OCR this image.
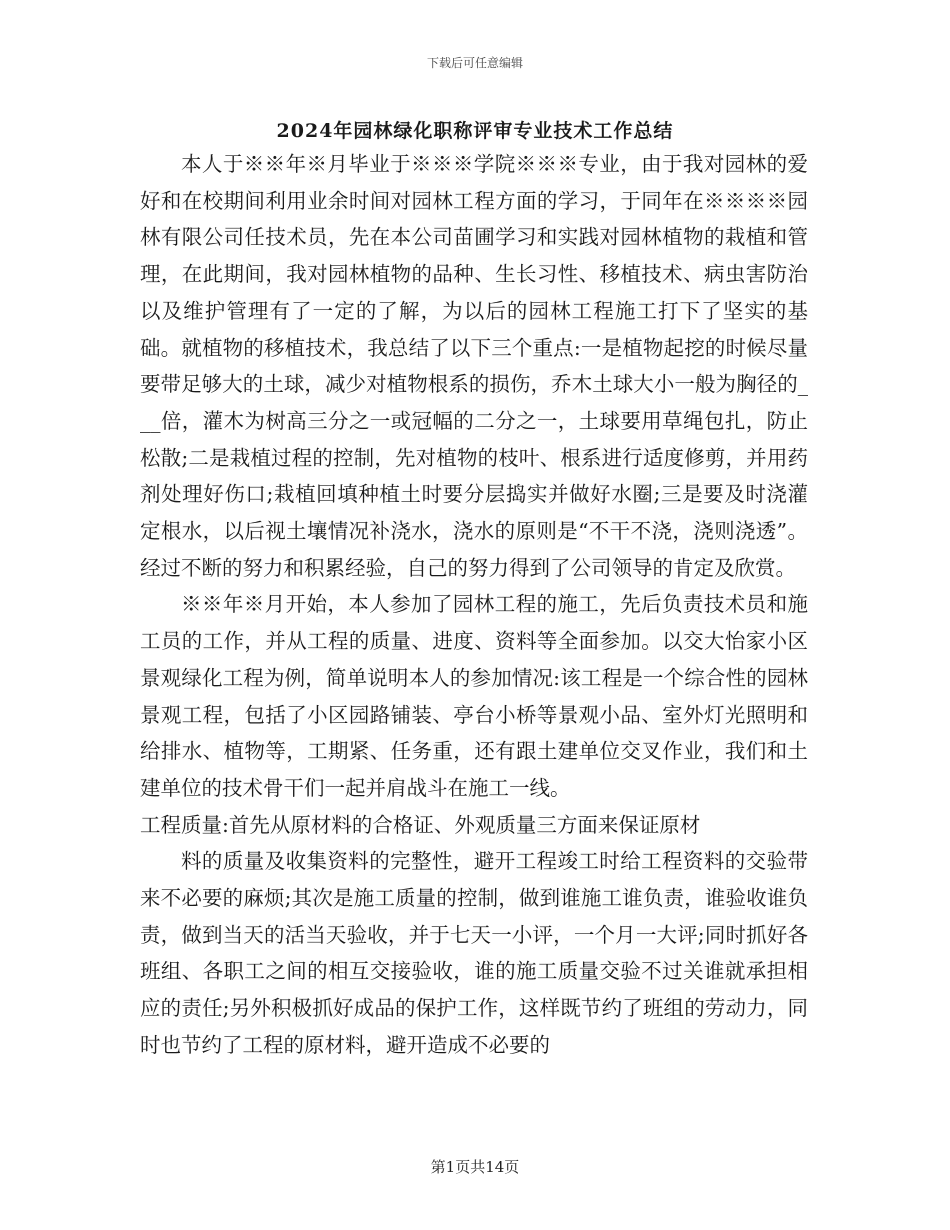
下载后可任意编辑
2024年园林绿化职称评审专业技术工作总结

本人于※※年※月毕业于※※※学院※※※专业，由于我对园林的爱好和在校期间利用业余时间对园林工程方面的学习，于同年在※※※※园林有限公司任技术员，先在本公司苗圃学习和实践对园林植物的栽植和管理，在此期间，我对园林植物的品种、生长习性、移植技术、病虫害防治以及维护管理有了一定的了解，为以后的园林工程施工打下了坚实的基础。就植物的移植技术，我总结了以下三个重点:一是植物起挖的时候尽量要带足够大的土球，减少对植物根系的损伤，乔木土球大小一般为胸径的___倍，灌木为树高三分之一或冠幅的二分之一，土球要用草绳包扎，防止松散;二是栽植过程的控制，先对植物的枝叶、根系进行适度修剪，并用药剂处理好伤口;栽植回填种植土时要分层捣实并做好水圈;三是要及时浇灌定根水，以后视土壤情况补浇水，浇水的原则是“不干不浇，浇则浇透”。经过不断的努力和积累经验，自己的努力得到了公司领导的肯定及欣赏。

※※年※月开始，本人参加了园林工程的施工，先后负责技术员和施工员的工作，并从工程的质量、进度、资料等全面参加。以交大怡家小区景观绿化工程为例，简单说明本人的参加情况:该工程是一个综合性的园林景观工程，包括了小区园路铺装、亭台小桥等景观小品、室外灯光照明和给排水、植物等，工期紧、任务重，还有跟土建单位交叉作业，我们和土建单位的技术骨干们一起并肩战斗在施工一线。

工程质量:首先从原材料的合格证、外观质量三方面来保证原材

料的质量及收集资料的完整性，避开工程竣工时给工程资料的交验带来不必要的麻烦;其次是施工质量的控制，做到谁施工谁负责，谁验收谁负责，做到当天的活当天验收，并于七天一小评，一个月一大评;同时抓好各班组、各职工之间的相互交接验收，谁的施工质量交验不过关谁就承担相应的责任;另外积极抓好成品的保护工作，这样既节约了班组的劳动力，同时也节约了工程的原材料，避开造成不必要的

第1页共14页
